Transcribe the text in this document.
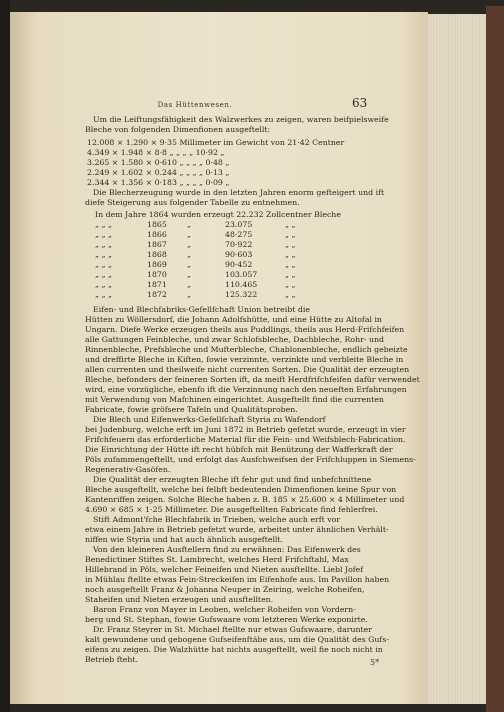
Das Hüttenwesen.	63
Um die Leiftungsfähigkeit des Walzwerkes zu zeigen, waren beifpielsweife
Bleche von folgenden Dimenfionen ausgeftellt:

12.008 × 1.290 × 9·35 Millimeter im Gewicht von 21·42 Centner

4.349 × 1.948 × 8·8 „ „ „ „ 10·92 „

3.265 × 1.580 × 0·610 „ „ „ „ 0·48 „

2.249 × 1.602 × 0.244 „ „ „ „ 0·13 „

2.344 × 1.356 × 0·183 „ „ „ „ 0·09 „

Die Blecherzeugung wurde in den letzten Jahren enorm gefteigert und ift
diefe Steigerung aus folgender Tabelle zu entnehmen.

In dem Jahre 1864 wurden erzeugt 22.232 Zollcentner Bleche

„ „ „	1865	„	23.075	„ „

„ „ „	1866	„	48·275	„ „

„ „ „	1867	„	70·922	„ „

„ „ „	1868	„	90·603	„ „

„ „ „	1869	„	90·452	„ „

„ „ „	1870	„	103.057	„ „

„ „ „	1871	„	110.465	„ „

„ „ „	1872	„	125.322	„ „

Eifen- und Blechfabriks-Gefellfchaft Union betreibt die
Hütten zu Wöllersdorf, die Johann Adolfshütte, und eine Hütte zu Altofal in
Ungarn. Diefe Werke erzeugen theils aus Puddlings, theils aus Herd-Frifchfeifen
alle Gattungen Feinbleche, und zwar Schlofsbleche, Dachbleche, Rohr- und
Rinnenbleche, Prefsbleche und Mufterbleche, Chablonenbleche, endlich gebeizte
und dreffirte Bleche in Kiften, fowie verzinnte, verzinkte und verbleite Bleche in
allen currenten und theilweife nicht currenten Sorten. Die Qualität der erzeugten
Bleche, befonders der feineren Sorten ift, da meift Herdfrifchfeifen dafür verwendet
wird, eine vorzügliche, ebenfo ift die Verzinnung nach den neueften Erfahrungen
mit Verwendung von Mafchinen eingerichtet. Ausgeftellt find die currenten
Fabricate, fowie gröfsere Tafeln und Qualitätsproben.
Die Blech und Eifenwerks-Gefellfchaft Styria zu Wafendorf
bei Judenburg, welche erft im Juni 1872 in Betrieb gefetzt wurde, erzeugt in vier
Frifchfeuern das erforderliche Material für die Fein- und Weifsblech-Fabrication.
Die Einrichtung der Hütte ift recht hübfch mit Benützung der Wafferkraft der
Pöls zufammengeftellt, und erfolgt das Ausfchweifsen der Frifchluppen in Siemens-
Regenerativ-Gasöfen.
Die Qualität der erzeugten Bleche ift fehr gut und find unbefchnittene
Bleche ausgeftellt, welche bei felbft bedeutenden Dimenfionen keine Spur von
Kantenriffen zeigen. Solche Bleche haben z. B. 185 × 25.600 × 4 Millimeter und
4.690 × 685 × 1·25 Millimeter. Die ausgeftellten Fabricate find fehlerfrei.
Stift Admont'fche Blechfabrik in Trieben, welche auch erft vor
etwa einem Jahre in Betrieb gefetzt wurde, arbeitet unter ähnlichen Verhält-
niffen wie Styria und hat auch ähnlich ausgeftellt.
Von den kleineren Ausftellern find zu erwähnen: Das Eifenwerk des
Benedictiner Stiftes St. Lambrecht, welches Herd Frifchftahl, Max
Hillebrand in Pöls, welcher Feineifen und Nieten ausftellte. Liebl Jofef
in Mühlau ftellte etwas Fein-Streckeifen im Eifenhofe aus. Im Pavillon haben
noch ausgeftellt Franz & Johanna Neuper in Zeiring, welche Roheifen,
Staheifen und Nieten erzeugen und ausftellten.
Baron Franz von Mayer in Leoben, welcher Roheifen von Vordern-
berg und St. Stephan, fowie Gufswaare vom letzteren Werke exponirte.
Dr. Franz Steyrer in St. Michael ftellte nur etwas Gufswaare, darunter
kalt gewundene und gebogene Gufseifenftäbe aus, um die Qualität des Gufs-
eifens zu zeigen. Die Walzhütte hat nichts ausgeftellt, weil fie noch nicht in
Betrieb fteht.	5*
